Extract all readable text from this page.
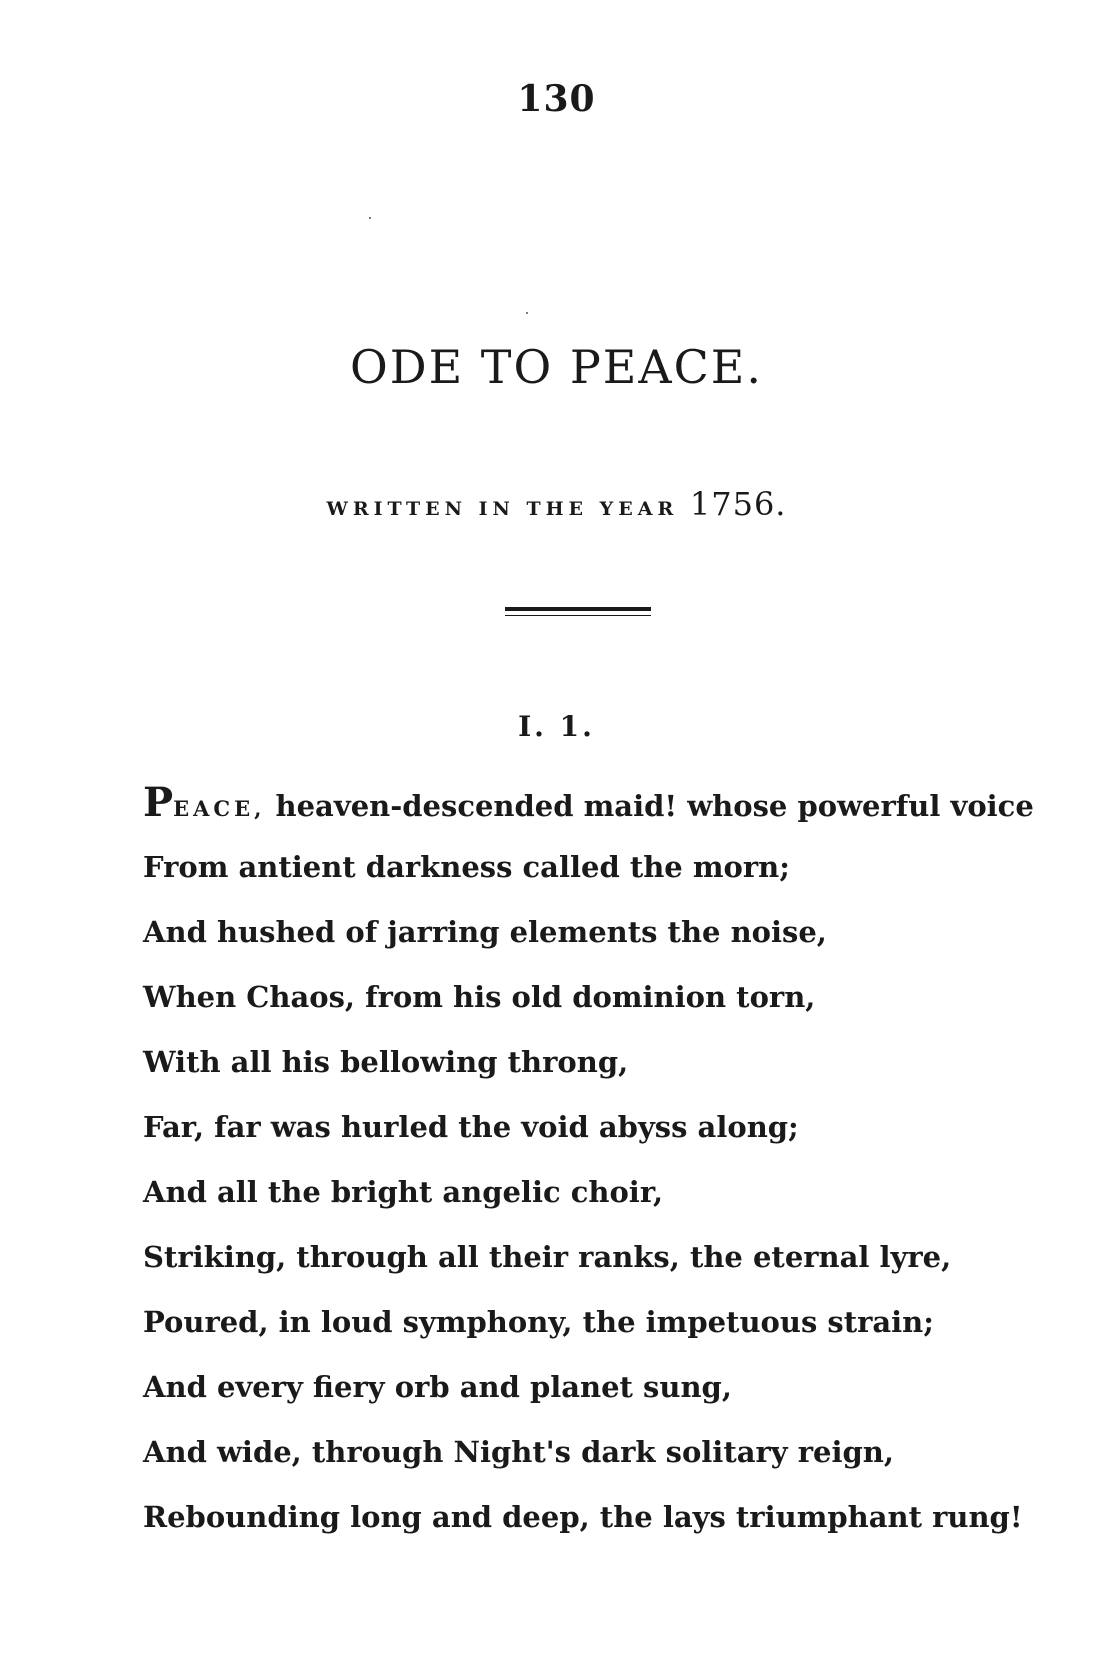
130
ODE TO PEACE.
WRITTEN IN THE YEAR 1756.
I. 1.
PEACE, heaven-descended maid! whose powerful voice
From antient darkness called the morn;
And hushed of jarring elements the noise,
When Chaos, from his old dominion torn,
With all his bellowing throng,
Far, far was hurled the void abyss along;
And all the bright angelic choir,
Striking, through all their ranks, the eternal lyre,
Poured, in loud symphony, the impetuous strain;
And every fiery orb and planet sung,
And wide, through Night's dark solitary reign,
Rebounding long and deep, the lays triumphant rung!
